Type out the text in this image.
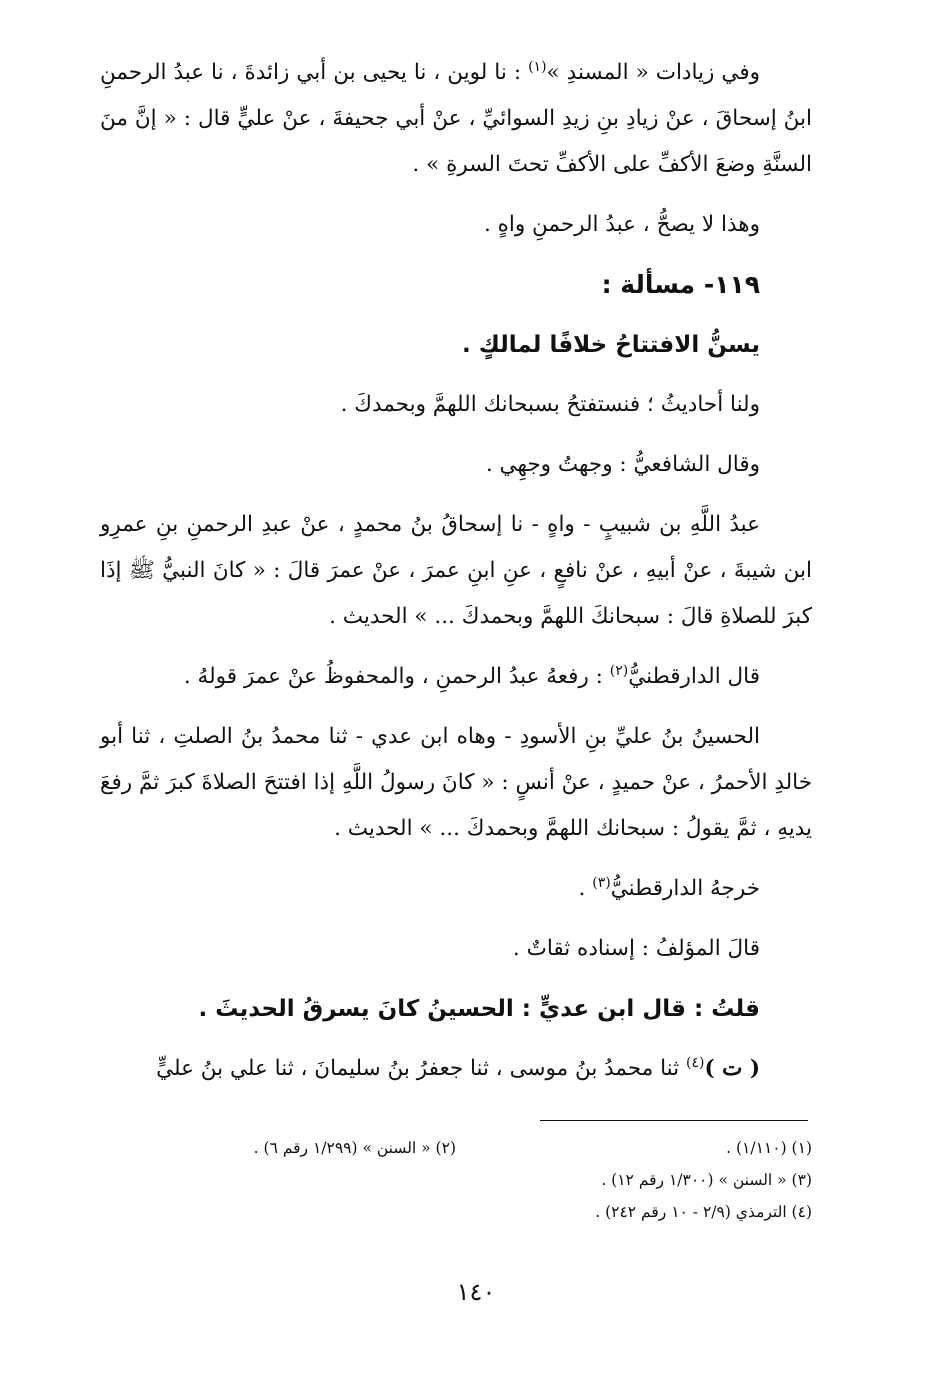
وفي زيادات « المسندِ »$^{(١)}$ : نا لوين ، نا يحيى بن أبي زائدةَ ، نا عبدُ الرحمنِ ابنُ إسحاقَ ، عنْ زيادِ بنِ زيدِ السوائيِّ ، عنْ أبي جحيفةَ ، عنْ عليٍّ قال : « إنَّ منَ السنَّةِ وضعَ الأكفِّ على الأكفِّ تحتَ السرةِ » .

وهذا لا يصحُّ ، عبدُ الرحمنِ واهٍ .

١١٩- مسألة :

يسنُّ الافتتاحُ خلافًا لمالكٍ .

ولنا أحاديثُ ؛ فنستفتحُ بسبحانك اللهمَّ وبحمدكَ .

وقال الشافعيُّ : وجهتُ وجهِي .

عبدُ اللَّهِ بن شبيبٍ - واهٍ - نا إسحاقُ بنُ محمدٍ ، عنْ عبدِ الرحمنِ بنِ عمرِو ابن شيبةَ ، عنْ أبيهِ ، عنْ نافعٍ ، عنِ ابنِ عمرَ ، عنْ عمرَ قالَ : « كانَ النبيُّ ﷺ إذَا كبرَ للصلاةِ قالَ : سبحانكَ اللهمَّ وبحمدكَ ... » الحديث .

قال الدارقطنيُّ$^{(٢)}$ : رفعهُ عبدُ الرحمنِ ، والمحفوظُ عنْ عمرَ قولهُ .

الحسينُ بنُ عليِّ بنِ الأسودِ - وهاه ابن عدي - ثنا محمدُ بنُ الصلتِ ، ثنا أبو خالدِ الأحمرُ ، عنْ حميدٍ ، عنْ أنسٍ : « كانَ رسولُ اللَّهِ إذا افتتحَ الصلاةَ كبرَ ثمَّ رفعَ يديهِ ، ثمَّ يقولُ : سبحانك اللهمَّ وبحمدكَ ... » الحديث .

خرجهُ الدارقطنيُّ$^{(٣)}$ .

قالَ المؤلفُ : إسناده ثقاتٌ .

قلتُ : قال ابن عديٍّ : الحسينُ كانَ يسرقُ الحديثَ .

( ت )$^{(٤)}$ ثنا محمدُ بنُ موسى ، ثنا جعفرُ بنُ سليمانَ ، ثنا علي بنُ عليٍّ

(١) (١/١١٠) .
(٢) « السنن » (١/٢٩٩ رقم ٦) .
(٣) « السنن » (١/٣٠٠ رقم ١٢) .
(٤) الترمذي (٢/٩ - ١٠ رقم ٢٤٢) .
١٤٠
